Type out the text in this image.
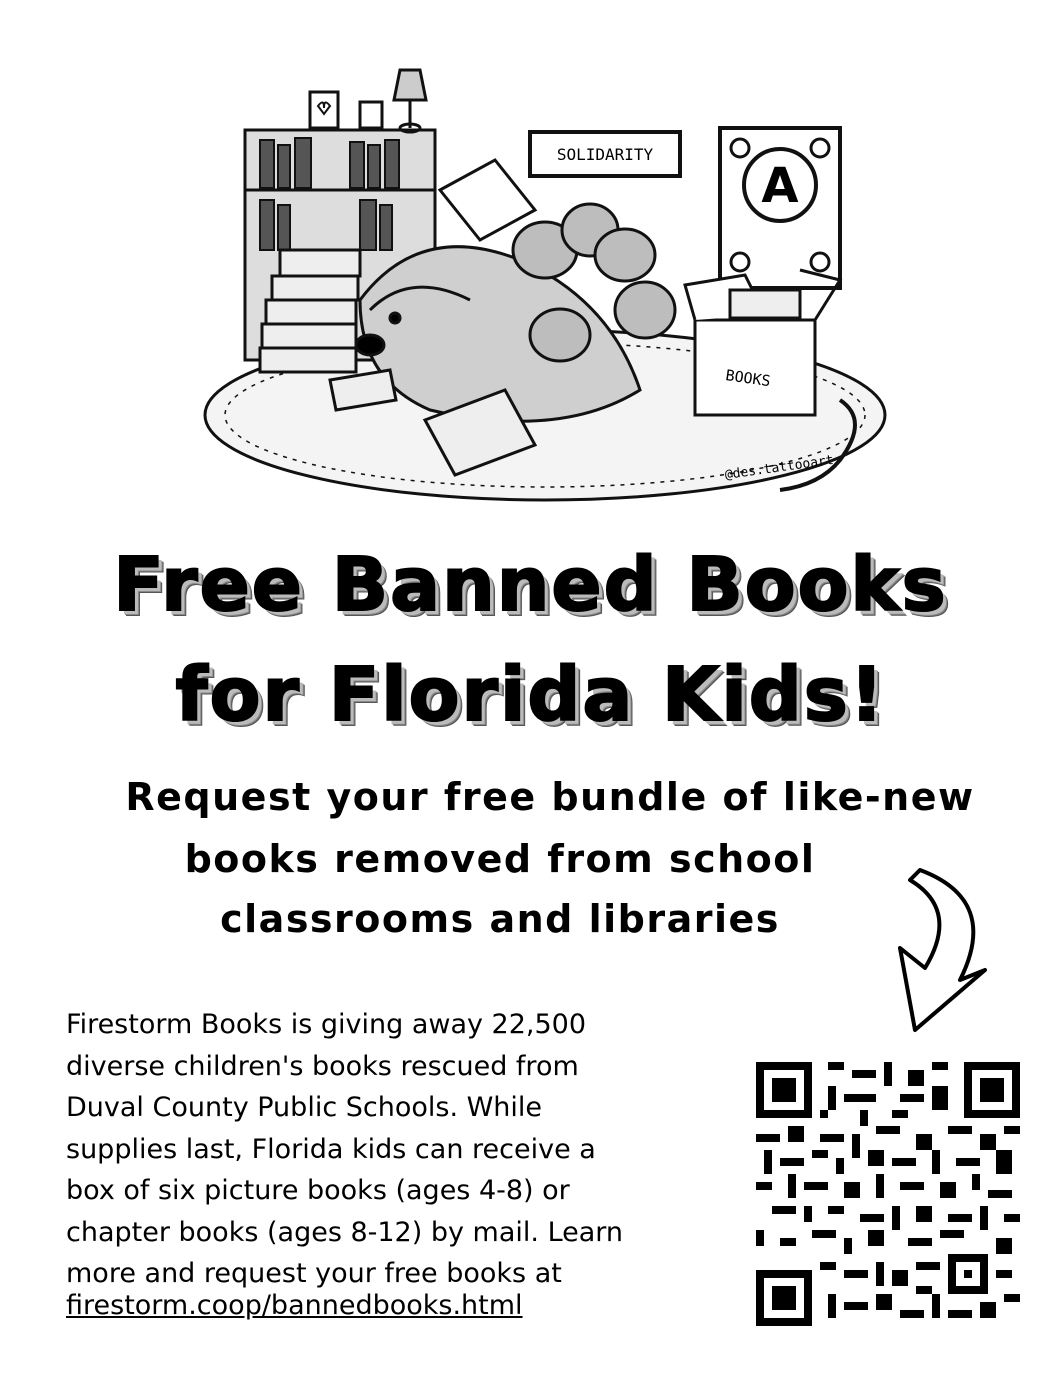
SOLIDARITY
A
BOOKS
@des.tattooart
Free Banned Books
for Florida Kids!
Request your free bundle of like-new
books removed from school
classrooms and libraries
Firestorm Books is giving away 22,500
diverse children's books rescued from
Duval County Public Schools. While
supplies last, Florida kids can receive a
box of six picture books (ages 4-8) or
chapter books (ages 8-12) by mail. Learn
more and request your free books at
firestorm.coop/bannedbooks.html
